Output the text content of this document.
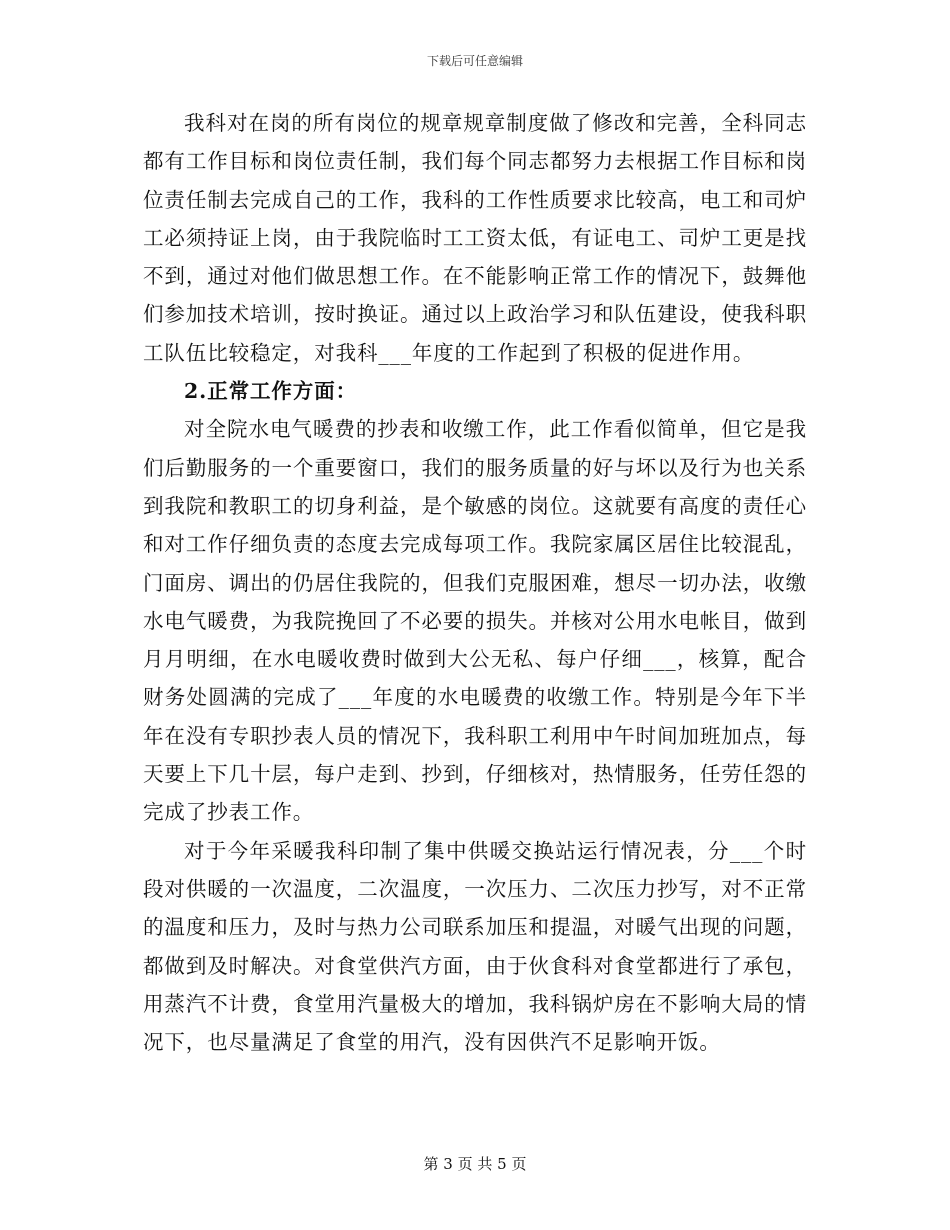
下载后可任意编辑

我科对在岗的所有岗位的规章规章制度做了修改和完善，全科同志都有工作目标和岗位责任制，我们每个同志都努力去根据工作目标和岗位责任制去完成自己的工作，我科的工作性质要求比较高，电工和司炉工必须持证上岗，由于我院临时工工资太低，有证电工、司炉工更是找不到，通过对他们做思想工作。在不能影响正常工作的情况下，鼓舞他们参加技术培训，按时换证。通过以上政治学习和队伍建设，使我科职工队伍比较稳定，对我科___年度的工作起到了积极的促进作用。

2.正常工作方面：

对全院水电气暖费的抄表和收缴工作，此工作看似简单，但它是我们后勤服务的一个重要窗口，我们的服务质量的好与坏以及行为也关系到我院和教职工的切身利益，是个敏感的岗位。这就要有高度的责任心和对工作仔细负责的态度去完成每项工作。我院家属区居住比较混乱，门面房、调出的仍居住我院的，但我们克服困难，想尽一切办法，收缴水电气暖费，为我院挽回了不必要的损失。并核对公用水电帐目，做到月月明细，在水电暖收费时做到大公无私、每户仔细___，核算，配合财务处圆满的完成了___年度的水电暖费的收缴工作。特别是今年下半年在没有专职抄表人员的情况下，我科职工利用中午时间加班加点，每天要上下几十层，每户走到、抄到，仔细核对，热情服务，任劳任怨的完成了抄表工作。

对于今年采暖我科印制了集中供暖交换站运行情况表，分___个时段对供暖的一次温度，二次温度，一次压力、二次压力抄写，对不正常的温度和压力，及时与热力公司联系加压和提温，对暖气出现的问题，都做到及时解决。对食堂供汽方面，由于伙食科对食堂都进行了承包，用蒸汽不计费，食堂用汽量极大的增加，我科锅炉房在不影响大局的情况下，也尽量满足了食堂的用汽，没有因供汽不足影响开饭。

第 3 页 共 5 页
